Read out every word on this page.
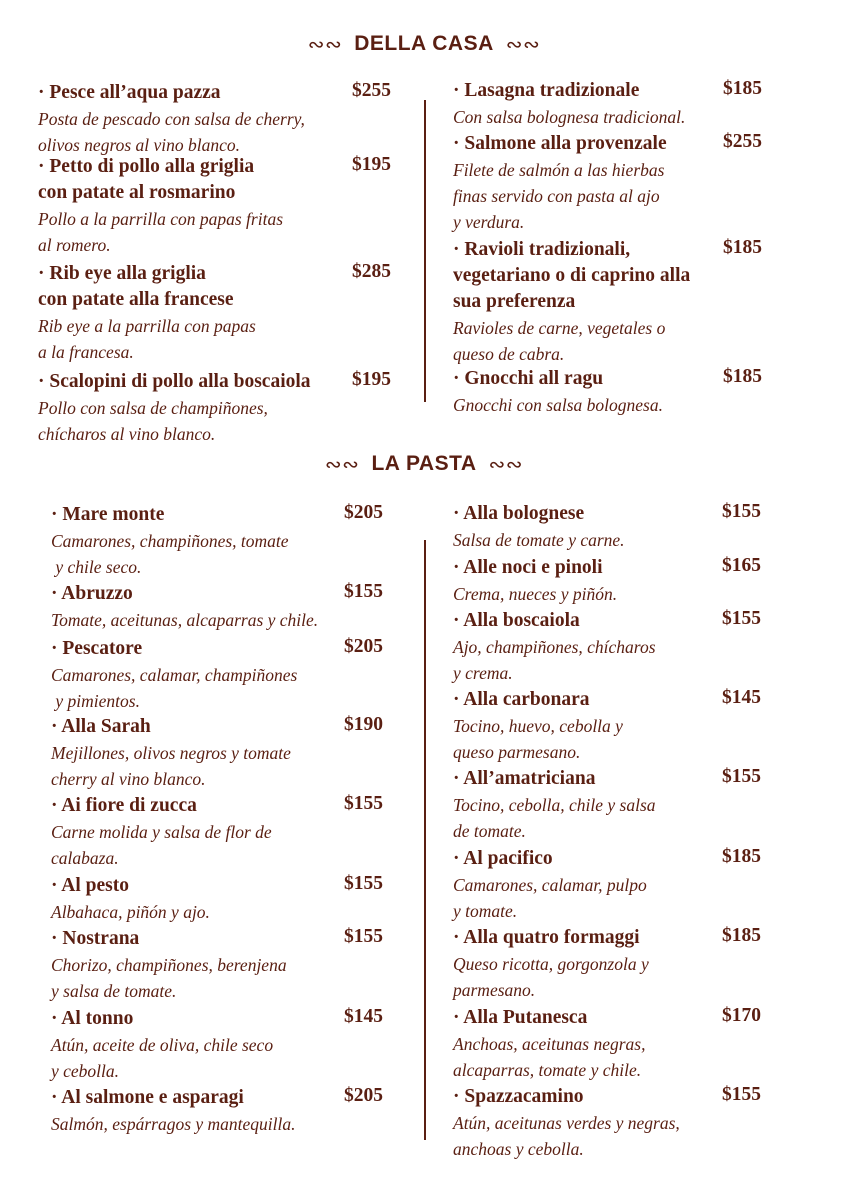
∾∾ DELLA CASA ∾∾
· Pesce all’aqua pazza
Posta de pescado con salsa de cherry,
olivos negros al vino blanco.
$255
· Petto di pollo alla griglia
con patate al rosmarino
Pollo a la parrilla con papas fritas
al romero.
$195
· Rib eye alla griglia
con patate alla francese
Rib eye a la parrilla con papas
a la francesa.
$285
· Scalopini di pollo alla boscaiola
Pollo con salsa de champiñones,
chícharos al vino blanco.
$195
· Lasagna tradizionale
Con salsa bolognesa tradicional.
$185
· Salmone alla provenzale
Filete de salmón a las hierbas
finas servido con pasta al ajo
y verdura.
$255
· Ravioli tradizionali,
vegetariano o di caprino alla
sua preferenza
Ravioles de carne, vegetales o
queso de cabra.
$185
· Gnocchi all ragu
Gnocchi con salsa bolognesa.
$185
∾∾ LA PASTA ∾∾
· Mare monte
Camarones, champiñones, tomate
y chile seco.
$205
· Abruzzo
Tomate, aceitunas, alcaparras y chile.
$155
· Pescatore
Camarones, calamar, champiñones
y pimientos.
$205
· Alla Sarah
Mejillones, olivos negros y tomate
cherry al vino blanco.
$190
· Ai fiore di zucca
Carne molida y salsa de flor de
calabaza.
$155
· Al pesto
Albahaca, piñón y ajo.
$155
· Nostrana
Chorizo, champiñones, berenjena
y salsa de tomate.
$155
· Al tonno
Atún, aceite de oliva, chile seco
y cebolla.
$145
· Al salmone e asparagi
Salmón, espárragos y mantequilla.
$205
· Alla bolognese
Salsa de tomate y carne.
$155
· Alle noci e pinoli
Crema, nueces y piñón.
$165
· Alla boscaiola
Ajo, champiñones, chícharos
y crema.
$155
· Alla carbonara
Tocino, huevo, cebolla y
queso parmesano.
$145
· All’amatriciana
Tocino, cebolla, chile y salsa
de tomate.
$155
· Al pacifico
Camarones, calamar, pulpo
y tomate.
$185
· Alla quatro formaggi
Queso ricotta, gorgonzola y
parmesano.
$185
· Alla Putanesca
Anchoas, aceitunas negras,
alcaparras, tomate y chile.
$170
· Spazzacamino
Atún, aceitunas verdes y negras,
anchoas y cebolla.
$155
